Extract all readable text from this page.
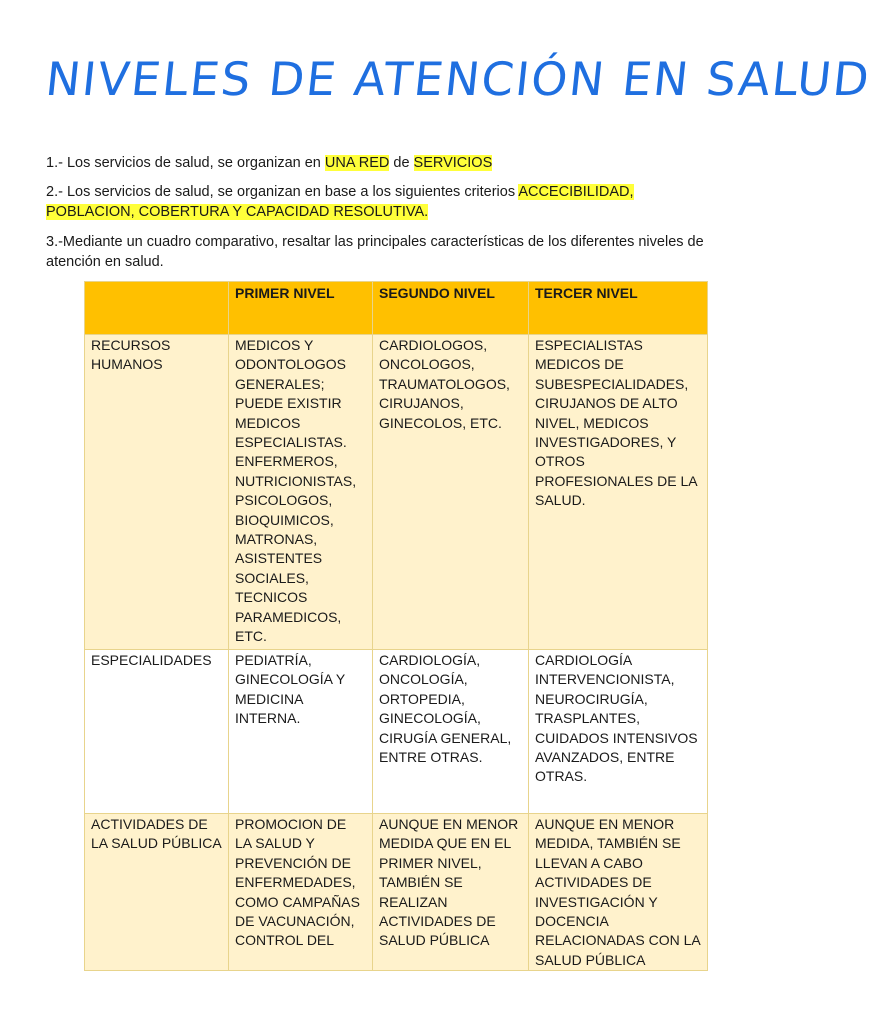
NIVELES DE ATENCIÓN EN SALUD
1.- Los servicios de salud, se organizan en UNA RED de SERVICIOS
2.- Los servicios de salud, se organizan en base a los siguientes criterios ACCECIBILIDAD, POBLACION, COBERTURA Y CAPACIDAD RESOLUTIVA.
3.-Mediante un cuadro comparativo, resaltar las principales características de los diferentes niveles de atención en salud.
	PRIMER NIVEL	SEGUNDO NIVEL	TERCER NIVEL
RECURSOS HUMANOS	MEDICOS Y ODONTOLOGOS GENERALES; PUEDE EXISTIR MEDICOS ESPECIALISTAS. ENFERMEROS, NUTRICIONISTAS, PSICOLOGOS, BIOQUIMICOS, MATRONAS, ASISTENTES SOCIALES, TECNICOS PARAMEDICOS, ETC.	CARDIOLOGOS, ONCOLOGOS, TRAUMATOLOGOS, CIRUJANOS, GINECOLOS, ETC.	ESPECIALISTAS MEDICOS DE SUBESPECIALIDADES, CIRUJANOS DE ALTO NIVEL, MEDICOS INVESTIGADORES, Y OTROS PROFESIONALES DE LA SALUD.
ESPECIALIDADES	PEDIATRÍA, GINECOLOGÍA Y MEDICINA INTERNA.	CARDIOLOGÍA, ONCOLOGÍA, ORTOPEDIA, GINECOLOGÍA, CIRUGÍA GENERAL, ENTRE OTRAS.	CARDIOLOGÍA INTERVENCIONISTA, NEUROCIRUGÍA, TRASPLANTES, CUIDADOS INTENSIVOS AVANZADOS, ENTRE OTRAS.
ACTIVIDADES DE LA SALUD PÚBLICA	PROMOCION DE LA SALUD Y PREVENCIÓN DE ENFERMEDADES, COMO CAMPAÑAS DE VACUNACIÓN, CONTROL DEL	AUNQUE EN MENOR MEDIDA QUE EN EL PRIMER NIVEL, TAMBIÉN SE REALIZAN ACTIVIDADES DE SALUD PÚBLICA	AUNQUE EN MENOR MEDIDA, TAMBIÉN SE LLEVAN A CABO ACTIVIDADES DE INVESTIGACIÓN Y DOCENCIA RELACIONADAS CON LA SALUD PÚBLICA
